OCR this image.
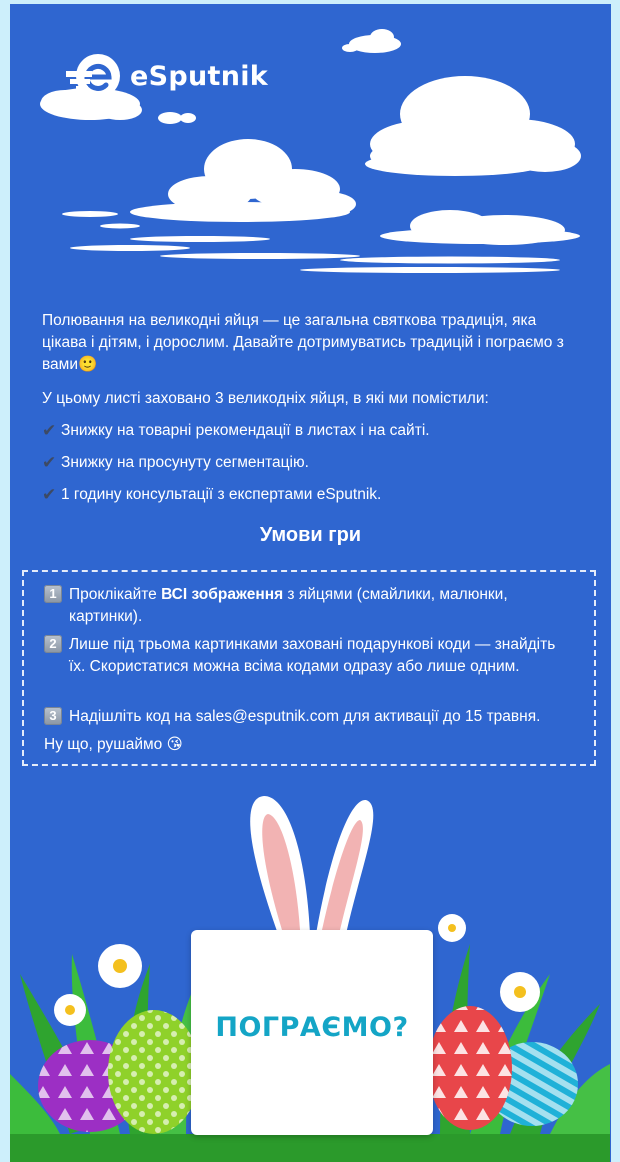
eSputnik

Полювання на великодні яйця — це загальна святкова традиція, яка цікава і дітям, і дорослим. Давайте дотримуватись традицій і пограємо з вами🙂

У цьому листі заховано 3 великодніх яйця, в які ми помістили:

✔ Знижку на товарні рекомендації в листах і на сайті.
✔ Знижку на просунуту сегментацію.
✔ 1 годину консультації з експертами eSputnik.
Умови гри
1 Проклікайте ВСІ зображення з яйцями (смайлики, малюнки, картинки).
2 Лише під трьома картинками заховані подарункові коди — знайдіть їх. Скористатися можна всіма кодами одразу або лише одним.
3 Надішліть код на sales@esputnik.com для активації до 15 травня.
Ну що, рушаймо 😘
ПОГРАЄМО?
